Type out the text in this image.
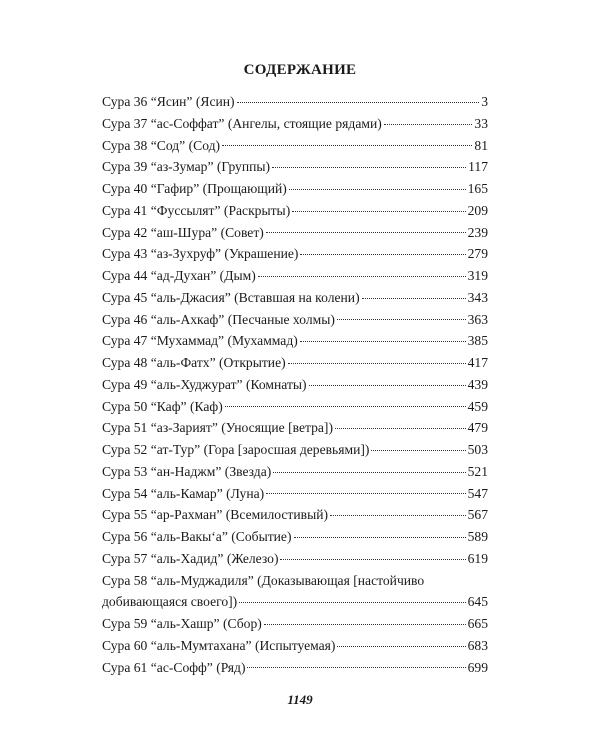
СОДЕРЖАНИЕ
Сура 36 “Ясин” (Ясин)	3
Сура 37 “ас-Соффат” (Ангелы, стоящие рядами)	33
Сура 38 “Сод” (Сод)	81
Сура 39 “аз-Зумар” (Группы)	117
Сура 40 “Гафир” (Прощающий)	165
Сура 41 “Фуссылят” (Раскрыты)	209
Сура 42 “аш-Шура” (Совет)	239
Сура 43 “аз-Зухруф” (Украшение)	279
Сура 44 “ад-Духан” (Дым)	319
Сура 45 “аль-Джасия” (Вставшая на колени)	343
Сура 46 “аль-Ахкаф” (Песчаные холмы)	363
Сура 47 “Мухаммад” (Мухаммад)	385
Сура 48 “аль-Фатх” (Открытие)	417
Сура 49 “аль-Худжурат” (Комнаты)	439
Сура 50 “Каф” (Каф)	459
Сура 51 “аз-Зарият” (Уносящие [ветра])	479
Сура 52 “ат-Тур” (Гора [заросшая деревьями])	503
Сура 53 “ан-Наджм” (Звезда)	521
Сура 54 “аль-Камар” (Луна)	547
Сура 55 “ар-Рахман” (Всемилостивый)	567
Сура 56 “аль-Вакы‘а” (Событие)	589
Сура 57 “аль-Хадид” (Железо)	619
Сура 58 “аль-Муджадиля” (Доказывающая [настойчиво
добивающаяся своего])	645
Сура 59 “аль-Хашр” (Сбор)	665
Сура 60 “аль-Мумтахана” (Испытуемая)	683
Сура 61 “ас-Софф” (Ряд)	699
1149
